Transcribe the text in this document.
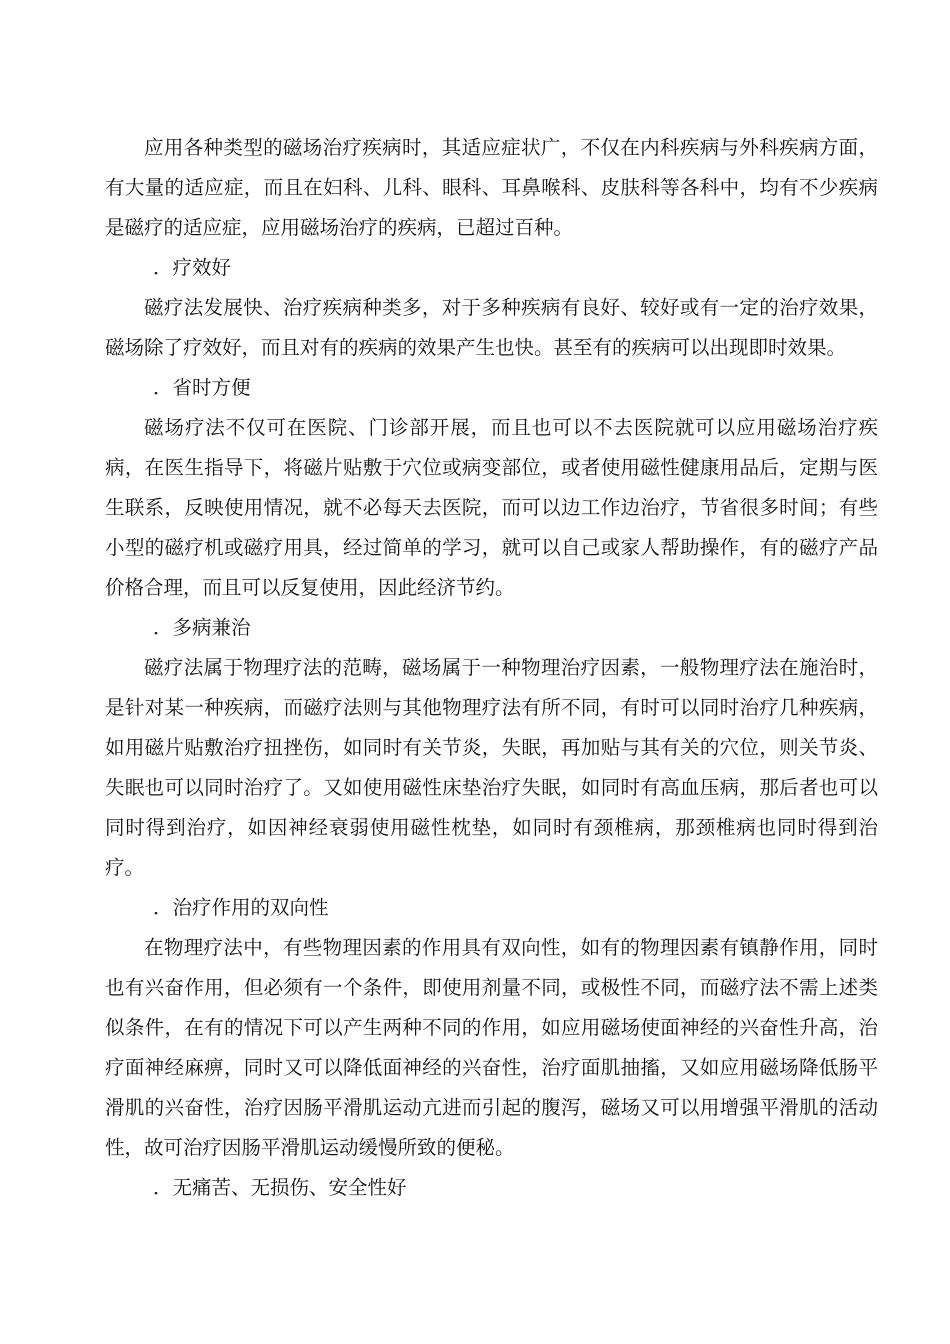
应用各种类型的磁场治疗疾病时，其适应症状广，不仅在内科疾病与外科疾病方面，有大量的适应症，而且在妇科、儿科、眼科、耳鼻喉科、皮肤科等各科中，均有不少疾病是磁疗的适应症，应用磁场治疗的疾病，已超过百种。

．疗效好

磁疗法发展快、治疗疾病种类多，对于多种疾病有良好、较好或有一定的治疗效果，磁场除了疗效好，而且对有的疾病的效果产生也快。甚至有的疾病可以出现即时效果。

．省时方便

磁场疗法不仅可在医院、门诊部开展，而且也可以不去医院就可以应用磁场治疗疾病，在医生指导下，将磁片贴敷于穴位或病变部位，或者使用磁性健康用品后，定期与医生联系，反映使用情况，就不必每天去医院，而可以边工作边治疗，节省很多时间；有些小型的磁疗机或磁疗用具，经过简单的学习，就可以自己或家人帮助操作，有的磁疗产品价格合理，而且可以反复使用，因此经济节约。

．多病兼治

磁疗法属于物理疗法的范畴，磁场属于一种物理治疗因素，一般物理疗法在施治时，是针对某一种疾病，而磁疗法则与其他物理疗法有所不同，有时可以同时治疗几种疾病，如用磁片贴敷治疗扭挫伤，如同时有关节炎，失眠，再加贴与其有关的穴位，则关节炎、失眠也可以同时治疗了。又如使用磁性床垫治疗失眠，如同时有高血压病，那后者也可以同时得到治疗，如因神经衰弱使用磁性枕垫，如同时有颈椎病，那颈椎病也同时得到治疗。

．治疗作用的双向性

在物理疗法中，有些物理因素的作用具有双向性，如有的物理因素有镇静作用，同时也有兴奋作用，但必须有一个条件，即使用剂量不同，或极性不同，而磁疗法不需上述类似条件，在有的情况下可以产生两种不同的作用，如应用磁场使面神经的兴奋性升高，治疗面神经麻痹，同时又可以降低面神经的兴奋性，治疗面肌抽搐，又如应用磁场降低肠平滑肌的兴奋性，治疗因肠平滑肌运动亢进而引起的腹泻，磁场又可以用增强平滑肌的活动性，故可治疗因肠平滑肌运动缓慢所致的便秘。

．无痛苦、无损伤、安全性好
